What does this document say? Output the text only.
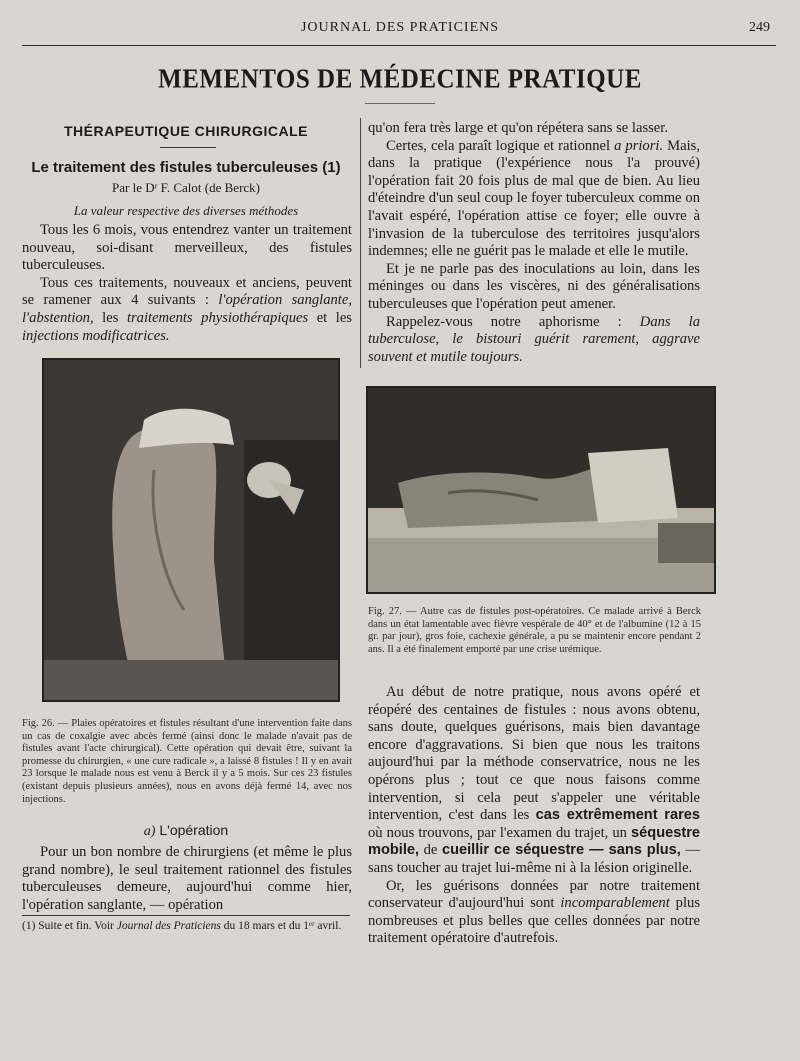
JOURNAL DES PRATICIENS	249
MEMENTOS DE MÉDECINE PRATIQUE
THÉRAPEUTIQUE CHIRURGICALE
Le traitement des fistules tuberculeuses (1)
Par le Dʳ F. Calot (de Berck)
La valeur respective des diverses méthodes

Tous les 6 mois, vous entendrez vanter un traitement nouveau, soi-disant merveilleux, des fistules tuberculeuses.

Tous ces traitements, nouveaux et anciens, peuvent se ramener aux 4 suivants : l'opération sanglante, l'abstention, les traitements physiothérapiques et les injections modificatrices.

Fig. 26. — Plaies opératoires et fistules résultant d'une intervention faite dans un cas de coxalgie avec abcès fermé (ainsi donc le malade n'avait pas de fistules avant l'acte chirurgical). Cette opération qui devait être, suivant la promesse du chirurgien, « une cure radicale », a laissé 8 fistules ! Il y en avait 23 lorsque le malade nous est venu à Berck il y a 5 mois. Sur ces 23 fistules (existant depuis plusieurs années), nous en avons déjà fermé 14, avec nos injections.
a) L'opération

Pour un bon nombre de chirurgiens (et même le plus grand nombre), le seul traitement rationnel des fistules tuberculeuses demeure, aujourd'hui comme hier, l'opération sanglante, — opération

(1) Suite et fin. Voir Journal des Praticiens du 18 mars et du 1ᵉʳ avril.

qu'on fera très large et qu'on répétera sans se lasser.

Certes, cela paraît logique et rationnel a priori. Mais, dans la pratique (l'expérience nous l'a prouvé) l'opération fait 20 fois plus de mal que de bien. Au lieu d'éteindre d'un seul coup le foyer tuberculeux comme on l'avait espéré, l'opération attise ce foyer; elle ouvre à l'invasion de la tuberculose des territoires jusqu'alors indemnes; elle ne guérit pas le malade et elle le mutile.

Et je ne parle pas des inoculations au loin, dans les méninges ou dans les viscères, ni des généralisations tuberculeuses que l'opération peut amener.

Rappelez-vous notre aphorisme : Dans la tuberculose, le bistouri guérit rarement, aggrave souvent et mutile toujours.

Fig. 27. — Autre cas de fistules post-opératoires. Ce malade arrivé à Berck dans un état lamentable avec fièvre vespérale de 40° et de l'albumine (12 à 15 gr. par jour), gros foie, cachexie générale, a pu se maintenir encore pendant 2 ans. Il a été finalement emporté par une crise urémique.

Au début de notre pratique, nous avons opéré et réopéré des centaines de fistules : nous avons obtenu, sans doute, quelques guérisons, mais bien davantage encore d'aggravations. Si bien que nous les traitons aujourd'hui par la méthode conservatrice, nous ne les opérons plus ; tout ce que nous faisons comme intervention, si cela peut s'appeler une véritable intervention, c'est dans les cas extrêmement rares où nous trouvons, par l'examen du trajet, un séquestre mobile, de cueillir ce séquestre — sans plus, — sans toucher au trajet lui-même ni à la lésion originelle.

Or, les guérisons données par notre traitement conservateur d'aujourd'hui sont incomparablement plus nombreuses et plus belles que celles données par notre traitement opératoire d'autrefois.
